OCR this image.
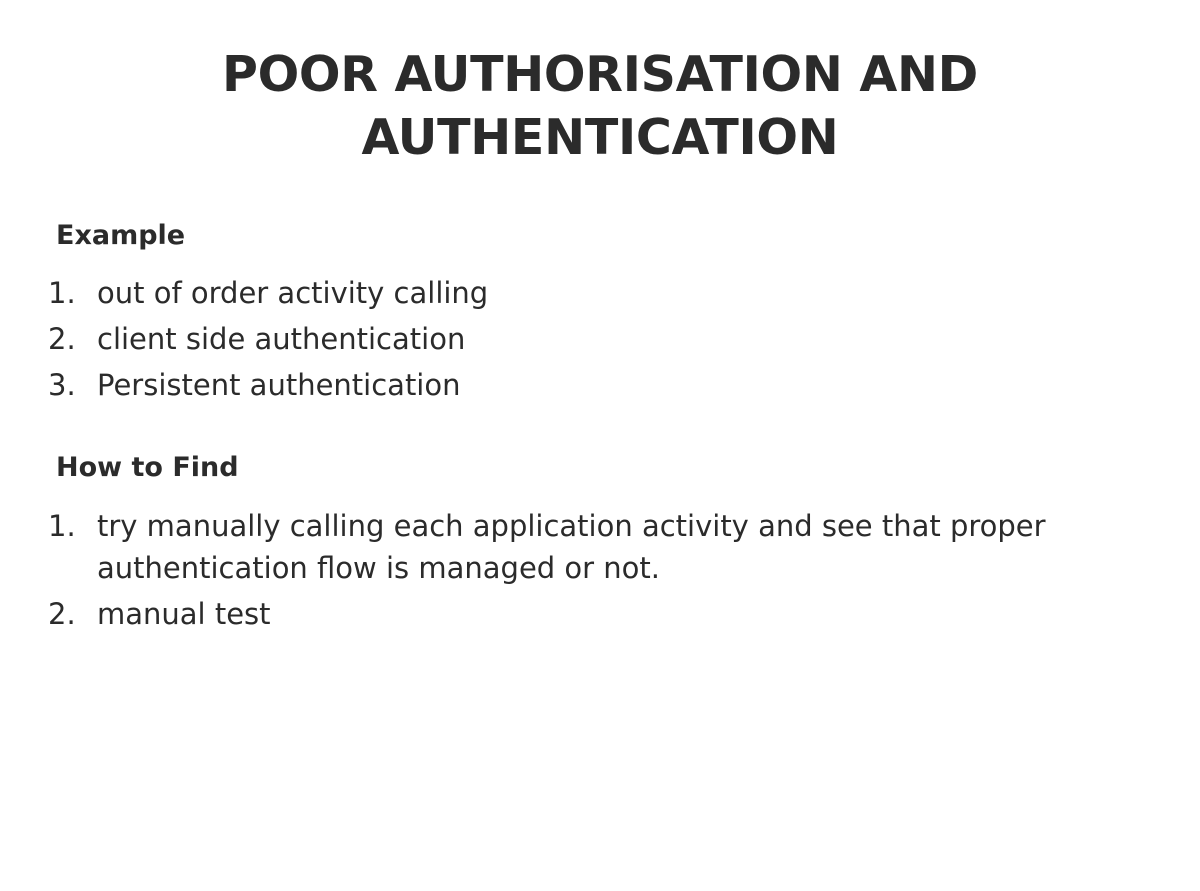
POOR AUTHORISATION AND AUTHENTICATION
Example
1. out of order activity calling
2. client side authentication
3. Persistent authentication
How to Find
1. try manually calling each application activity and see that proper authentication flow is managed or not.
2. manual test
